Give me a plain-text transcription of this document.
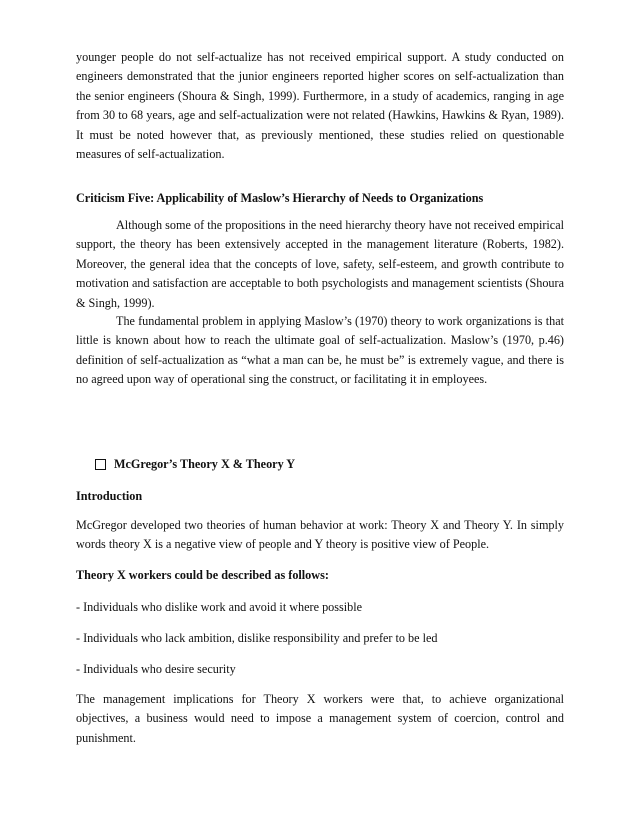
younger people do not self-actualize has not received empirical support. A study conducted on engineers demonstrated that the junior engineers reported higher scores on self-actualization than the senior engineers (Shoura & Singh, 1999). Furthermore, in a study of academics, ranging in age from 30 to 68 years, age and self-actualization were not related (Hawkins, Hawkins & Ryan, 1989). It must be noted however that, as previously mentioned, these studies relied on questionable measures of self-actualization.

Criticism Five: Applicability of Maslow’s Hierarchy of Needs to Organizations

Although some of the propositions in the need hierarchy theory have not received empirical support, the theory has been extensively accepted in the management literature (Roberts, 1982). Moreover, the general idea that the concepts of love, safety, self-esteem, and growth contribute to motivation and satisfaction are acceptable to both psychologists and management scientists (Shoura & Singh, 1999).

The fundamental problem in applying Maslow’s (1970) theory to work organizations is that little is known about how to reach the ultimate goal of self-actualization. Maslow’s (1970, p.46) definition of self-actualization as “what a man can be, he must be” is extremely vague, and there is no agreed upon way of operational sing the construct, or facilitating it in employees.

McGregor’s Theory X & Theory Y

Introduction

McGregor developed two theories of human behavior at work: Theory X and Theory Y. In simply words theory X is a negative view of people and Y theory is positive view of People.

Theory X workers could be described as follows:

- Individuals who dislike work and avoid it where possible

- Individuals who lack ambition, dislike responsibility and prefer to be led

- Individuals who desire security

The management implications for Theory X workers were that, to achieve organizational objectives, a business would need to impose a management system of coercion, control and punishment.
